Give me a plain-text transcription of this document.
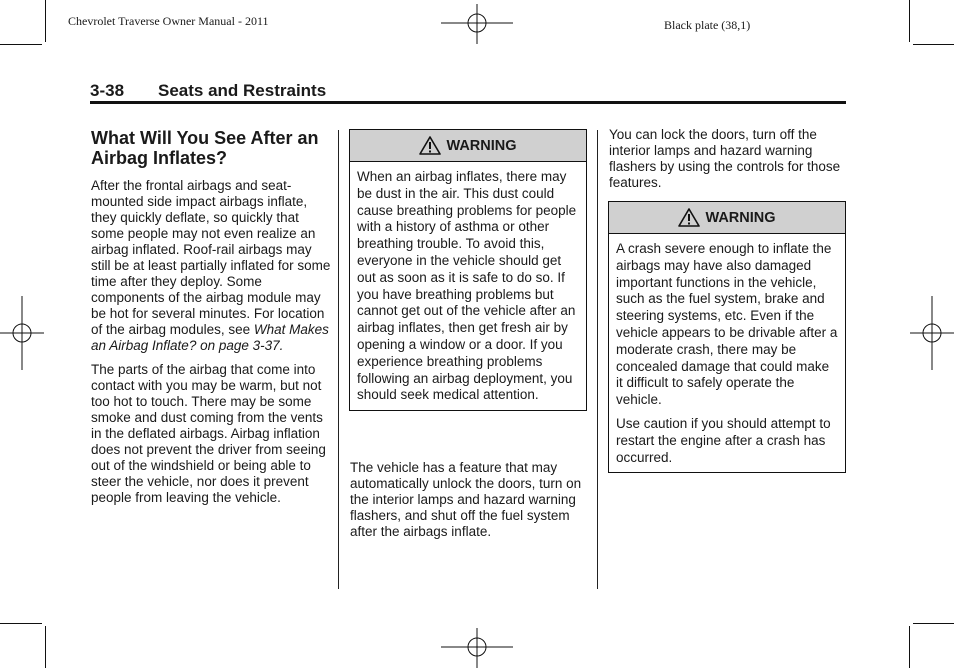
Chevrolet Traverse Owner Manual - 2011	Black plate (38,1)
3-38 Seats and Restraints
What Will You See After an Airbag Inflates?

After the frontal airbags and seat-mounted side impact airbags inflate, they quickly deflate, so quickly that some people may not even realize an airbag inflated. Roof-rail airbags may still be at least partially inflated for some time after they deploy. Some components of the airbag module may be hot for several minutes. For location of the airbag modules, see What Makes an Airbag Inflate? on page 3-37.

The parts of the airbag that come into contact with you may be warm, but not too hot to touch. There may be some smoke and dust coming from the vents in the deflated airbags. Airbag inflation does not prevent the driver from seeing out of the windshield or being able to steer the vehicle, nor does it prevent people from leaving the vehicle.

WARNING

When an airbag inflates, there may be dust in the air. This dust could cause breathing problems for people with a history of asthma or other breathing trouble. To avoid this, everyone in the vehicle should get out as soon as it is safe to do so. If you have breathing problems but cannot get out of the vehicle after an airbag inflates, then get fresh air by opening a window or a door. If you experience breathing problems following an airbag deployment, you should seek medical attention.

The vehicle has a feature that may automatically unlock the doors, turn on the interior lamps and hazard warning flashers, and shut off the fuel system after the airbags inflate.
You can lock the doors, turn off the interior lamps and hazard warning flashers by using the controls for those features.
WARNING

A crash severe enough to inflate the airbags may have also damaged important functions in the vehicle, such as the fuel system, brake and steering systems, etc. Even if the vehicle appears to be drivable after a moderate crash, there may be concealed damage that could make it difficult to safely operate the vehicle.

Use caution if you should attempt to restart the engine after a crash has occurred.
